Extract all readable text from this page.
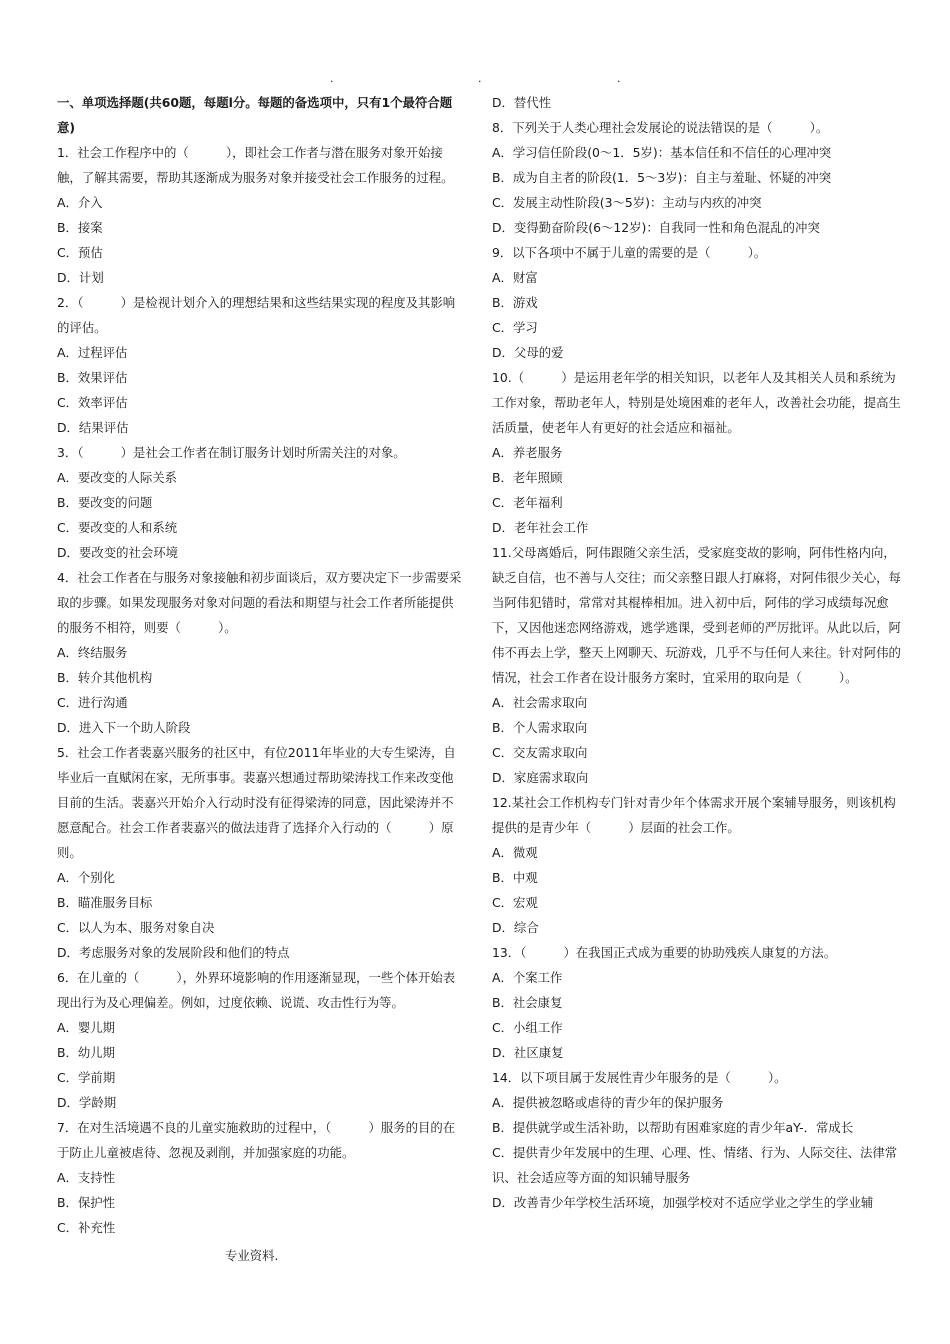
.	.	.

一、单项选择题(共60题，每题l分。每题的备选项中，只有1个最符合题意)

1．社会工作程序中的（　　　），即社会工作者与潜在服务对象开始接触，了解其需要，帮助其逐渐成为服务对象并接受社会工作服务的过程。

A．介入

B．接案

C．预估

D．计划

2．（　　　）是检视计划介入的理想结果和这些结果实现的程度及其影响的评估。

A．过程评估

B．效果评估

C．效率评估

D．结果评估

3．（　　　）是社会工作者在制订服务计划时所需关注的对象。

A．要改变的人际关系

B．要改变的问题

C．要改变的人和系统

D．要改变的社会环境

4．社会工作者在与服务对象接触和初步面谈后，双方要决定下一步需要采取的步骤。如果发现服务对象对问题的看法和期望与社会工作者所能提供的服务不相符，则要（　　　）。

A．终结服务

B．转介其他机构

C．进行沟通

D．进入下一个助人阶段

5．社会工作者裴嘉兴服务的社区中，有位2011年毕业的大专生梁涛，自毕业后一直赋闲在家，无所事事。裴嘉兴想通过帮助梁涛找工作来改变他目前的生活。裴嘉兴开始介入行动时没有征得梁涛的同意，因此梁涛并不愿意配合。社会工作者裴嘉兴的做法违背了选择介入行动的（　　　）原则。

A．个别化

B．瞄准服务目标

C．以人为本、服务对象自决

D．考虑服务对象的发展阶段和他们的特点

6．在儿童的（　　　），外界环境影响的作用逐渐显现，一些个体开始表现出行为及心理偏差。例如，过度依赖、说谎、攻击性行为等。

A．婴儿期

B．幼儿期

C．学前期

D．学龄期

7．在对生活境遇不良的儿童实施救助的过程中，（　　　）服务的目的在于防止儿童被虐待、忽视及剥削，并加强家庭的功能。

A．支持性

B．保护性

C．补充性

D．替代性

8．下列关于人类心理社会发展论的说法错误的是（　　　）。

A．学习信任阶段(0～1．5岁)：基本信任和不信任的心理冲突

B．成为自主者的阶段(1．5～3岁)：自主与羞耻、怀疑的冲突

C．发展主动性阶段(3～5岁)：主动与内疚的冲突

D．变得勤奋阶段(6～12岁)：自我同一性和角色混乱的冲突

9．以下各项中不属于儿童的需要的是（　　　）。

A．财富

B．游戏

C．学习

D．父母的爱

10.（　　　）是运用老年学的相关知识，以老年人及其相关人员和系统为工作对象，帮助老年人，特别是处境困难的老年人，改善社会功能，提高生活质量，使老年人有更好的社会适应和福祉。

A．养老服务

B．老年照顾

C．老年福利

D．老年社会工作

11.父母离婚后，阿伟跟随父亲生活，受家庭变故的影响，阿伟性格内向，缺乏自信，也不善与人交往；而父亲整日跟人打麻将，对阿伟很少关心，每当阿伟犯错时，常常对其棍棒相加。进入初中后，阿伟的学习成绩每况愈下，又因他迷恋网络游戏，逃学逃课，受到老师的严厉批评。从此以后，阿伟不再去上学，整天上网聊天、玩游戏，几乎不与任何人来往。针对阿伟的情况，社会工作者在设计服务方案时，宜采用的取向是（　　　）。

A．社会需求取向

B．个人需求取向

C．交友需求取向

D．家庭需求取向

12.某社会工作机构专门针对青少年个体需求开展个案辅导服务，则该机构提供的是青少年（　　　）层面的社会工作。

A．微观

B．中观

C．宏观

D．综合

13．（　　　）在我国正式成为重要的协助残疾人康复的方法。

A．个案工作

B．社会康复

C．小组工作

D．社区康复

14．以下项目属于发展性青少年服务的是（　　　）。

A．提供被忽略或虐待的青少年的保护服务

B．提供就学或生活补助，以帮助有困难家庭的青少年aY-．常成长

C．提供青少年发展中的生理、心理、性、情绪、行为、人际交往、法律常识、社会适应等方面的知识辅导服务

D．改善青少年学校生活环境，加强学校对不适应学业之学生的学业辅

专业资料.
